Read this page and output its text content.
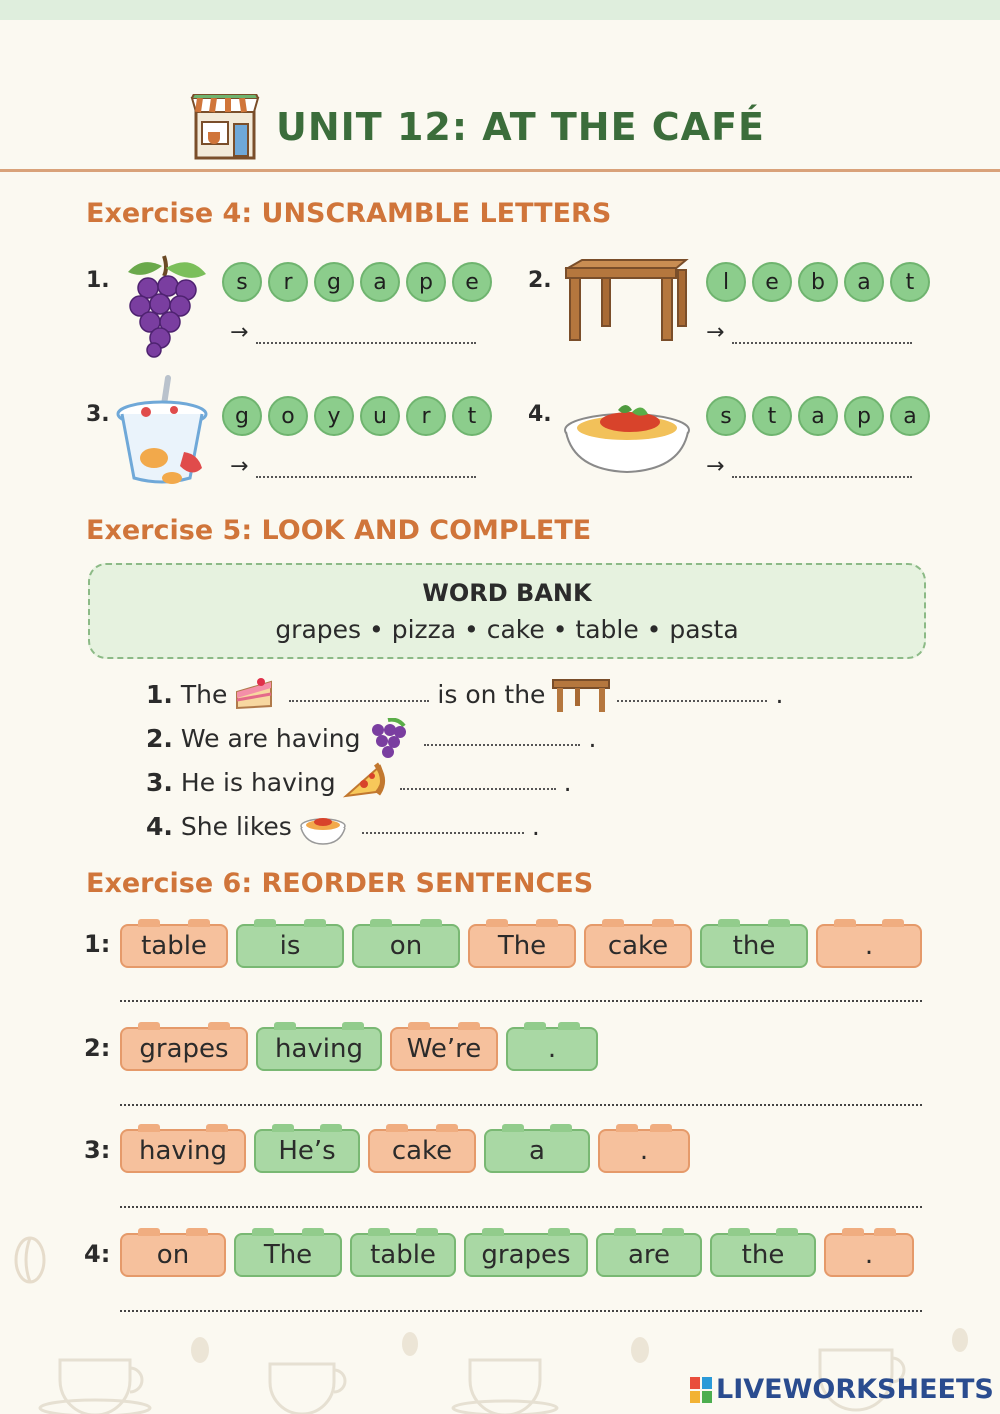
UNIT 12: AT THE CAFÉ
Exercise 4: UNSCRAMBLE LETTERS
1.	s	r	g	a	p	e
→
2.	l	e	b	a	t
→
3.	g	o	y	u	r	t
→
4.	s	t	a	p	a
→
Exercise 5: LOOK AND COMPLETE
WORD BANK
grapes • pizza • cake • table • pasta
1. The	is on the	.
2. We are having	.
3. He is having	.
4. She likes	.
Exercise 6: REORDER SENTENCES
1:	table	is	on	The	cake	the	.
2:	grapes	having	We’re	.
3:	having	He’s	cake	a	.
4:	on	The	table	grapes	are	the	.
LIVEWORKSHEETS
